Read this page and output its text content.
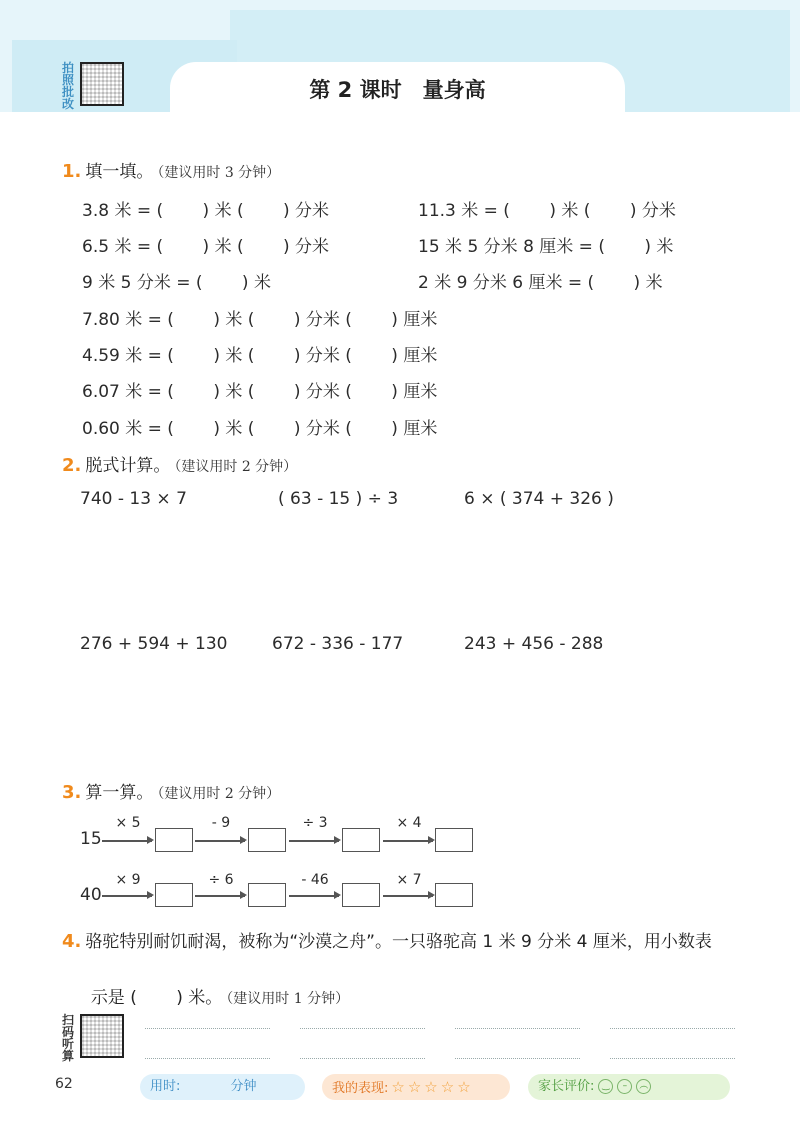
第 2 课时　量身高
拍
照
批
改
1. 填一填。 （建议用时 3 分钟）
3.8 米 = (　　 ) 米 (　　 ) 分米
6.5 米 = (　　 ) 米 (　　 ) 分米
9 米 5 分米 = (　　 ) 米
7.80 米 = (　　 ) 米 (　　 ) 分米 (　　 ) 厘米
4.59 米 = (　　 ) 米 (　　 ) 分米 (　　 ) 厘米
6.07 米 = (　　 ) 米 (　　 ) 分米 (　　 ) 厘米
0.60 米 = (　　 ) 米 (　　 ) 分米 (　　 ) 厘米
11.3 米 = (　　 ) 米 (　　 ) 分米
15 米 5 分米 8 厘米 = (　　 ) 米
2 米 9 分米 6 厘米 = (　　 ) 米
2. 脱式计算。 （建议用时 2 分钟）
740 - 13 × 7	( 63 - 15 ) ÷ 3	6 × ( 374 + 326 )
276 + 594 + 130	672 - 336 - 177	243 + 456 - 288
3. 算一算。 （建议用时 2 分钟）
15
× 5	- 9	÷ 3	× 4
40
× 9	÷ 6	- 46	× 7
4. 骆驼特别耐饥耐渴，被称为“沙漠之舟”。一只骆驼高 1 米 9 分米 4 厘米，用小数表

示是 (　　 ) 米。 （建议用时 1 分钟）

扫
码
听
算
62	用时:	分钟	我的表现: ☆ ☆ ☆ ☆ ☆	家长评价: ‿ – ︵
